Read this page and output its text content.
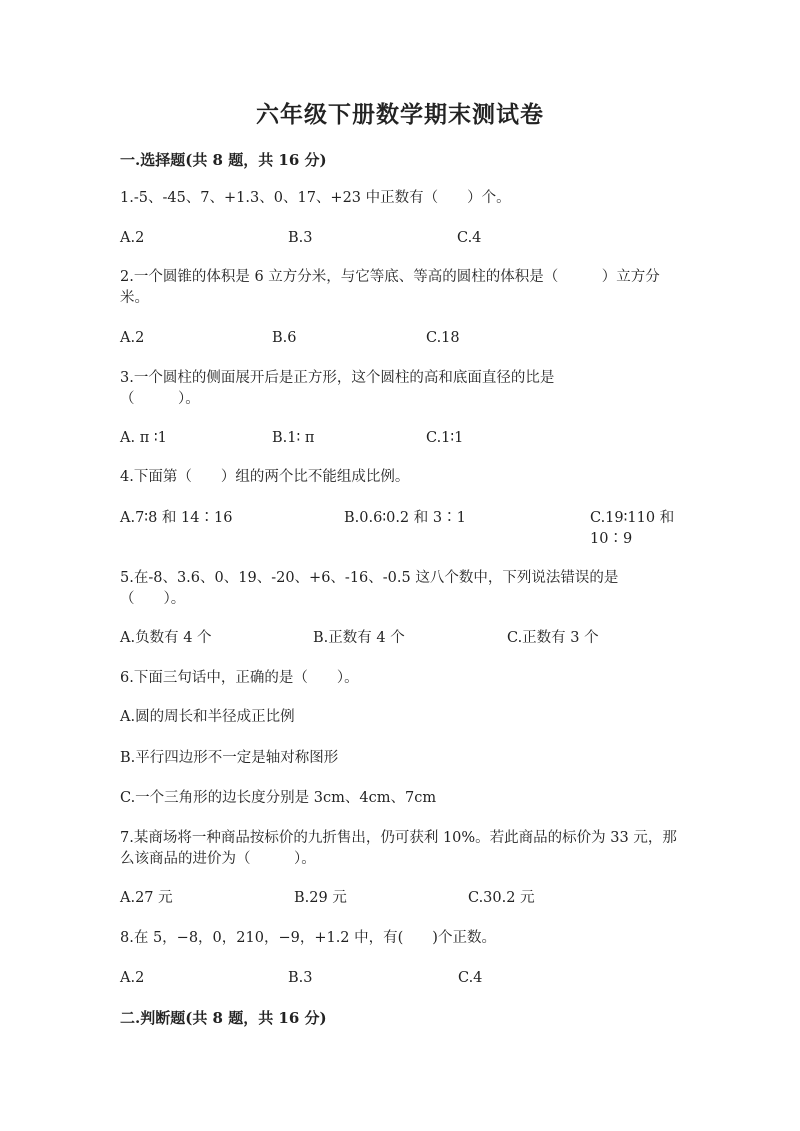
六年级下册数学期末测试卷
一.选择题(共 8 题，共 16 分)
1.-5、-45、7、+1.3、0、17、+23 中正数有（　　）个。
A.2	B.3	C.4
2.一个圆锥的体积是 6 立方分米，与它等底、等高的圆柱的体积是（　　　）立方分米。
A.2	B.6	C.18
3.一个圆柱的侧面展开后是正方形，这个圆柱的高和底面直径的比是（　　　）。
A. π ∶1	B.1∶ π	C.1∶1
4.下面第（　　）组的两个比不能组成比例。
A.7∶8 和 14∶16	B.0.6∶0.2 和 3∶1	C.19∶110 和 10∶9
5.在-8、3.6、0、19、-20、+6、-16、-0.5 这八个数中，下列说法错误的是（　　）。
A.负数有 4 个	B.正数有 4 个	C.正数有 3 个
6.下面三句话中，正确的是（　　）。
A.圆的周长和半径成正比例
B.平行四边形不一定是轴对称图形
C.一个三角形的边长度分别是 3cm、4cm、7cm
7.某商场将一种商品按标价的九折售出，仍可获利 10%。若此商品的标价为 33 元，那么该商品的进价为（　　　）。
A.27 元	B.29 元	C.30.2 元
8.在 5，−8，0，210，−9，+1.2 中，有(　　)个正数。
A.2	B.3	C.4
二.判断题(共 8 题，共 16 分)
